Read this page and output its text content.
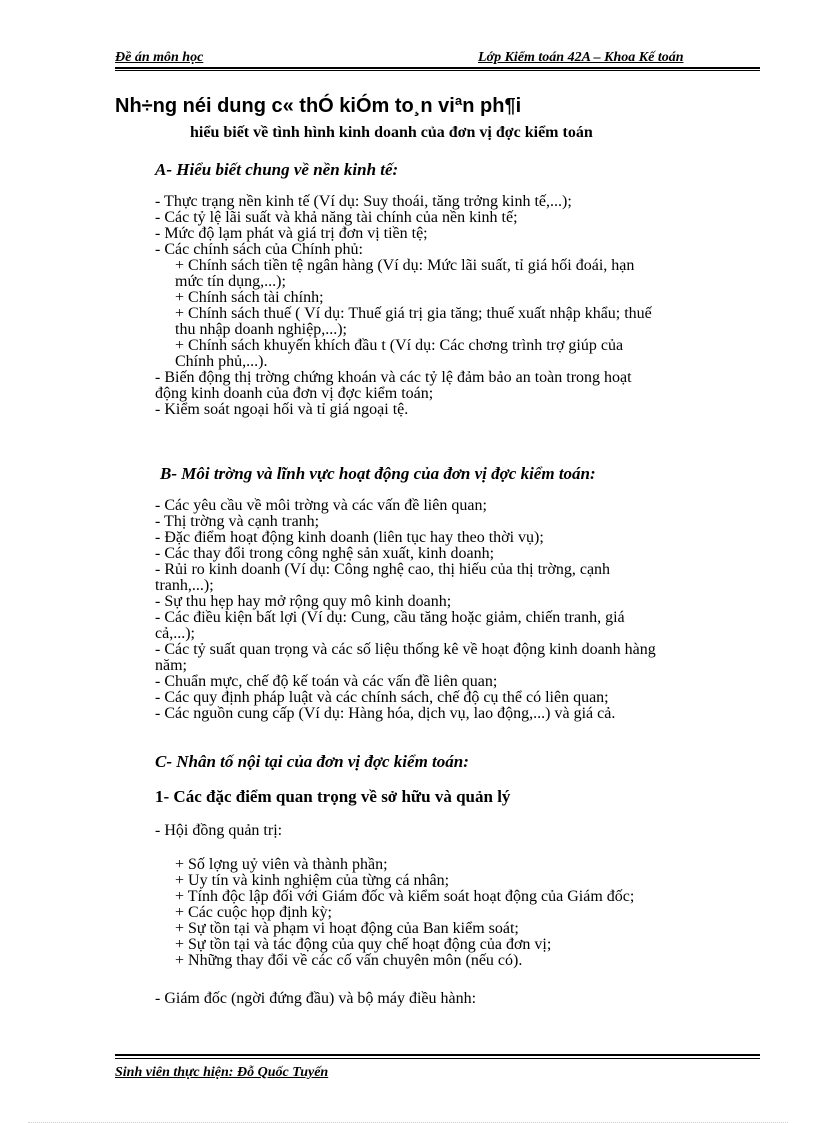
Đề án môn học	Lớp Kiểm toán 42A – Khoa Kế toán
Nh÷ng néi dung c« thÓ kiÓm to¸n viªn ph¶i
hiểu biết về tình hình kinh doanh của đơn vị đợc kiểm toán
A- Hiểu biết chung về nền kinh tế:
- Thực trạng nền kinh tế (Ví dụ: Suy thoái, tăng trởng kinh tế,...);
- Các tỷ lệ lãi suất và khả năng tài chính của nền kinh tế;
- Mức độ lạm phát và giá trị đơn vị tiền tệ;
- Các chính sách của Chính phủ:
+ Chính sách tiền tệ ngân hàng (Ví dụ: Mức lãi suất, tỉ giá hối đoái, hạn
mức tín dụng,...);
+ Chính sách tài chính;
+ Chính sách thuế ( Ví dụ: Thuế giá trị gia tăng; thuế xuất nhập khẩu; thuế
thu nhập doanh nghiệp,...);
+ Chính sách khuyến khích đầu t (Ví dụ: Các chơng trình trợ giúp của
Chính phủ,...).
- Biến động thị trờng chứng khoán và các tỷ lệ đảm bảo an toàn trong hoạt
động kinh doanh của đơn vị đợc kiểm toán;
- Kiểm soát ngoại hối và tỉ giá ngoại tệ.
B- Môi trờng và lĩnh vực hoạt động của đơn vị đợc kiểm toán:
- Các yêu cầu về môi trờng và các vấn đề liên quan;
- Thị trờng và cạnh tranh;
- Đặc điểm hoạt động kinh doanh (liên tục hay theo thời vụ);
- Các thay đổi trong công nghệ sản xuất, kinh doanh;
- Rủi ro kinh doanh (Ví dụ: Công nghệ cao, thị hiếu của thị trờng, cạnh
tranh,...);
- Sự thu hẹp hay mở rộng quy mô kinh doanh;
- Các điều kiện bất lợi (Ví dụ: Cung, cầu tăng hoặc giảm, chiến tranh, giá
cả,...);
- Các tỷ suất quan trọng và các số liệu thống kê về hoạt động kinh doanh hàng
năm;
- Chuẩn mực, chế độ kế toán và các vấn đề liên quan;
- Các quy định pháp luật và các chính sách, chế độ cụ thể có liên quan;
- Các nguồn cung cấp (Ví dụ: Hàng hóa, dịch vụ, lao động,...) và giá cả.
C- Nhân tố nội tại của đơn vị đợc kiểm toán:
1- Các đặc điểm quan trọng về sở hữu và quản lý
- Hội đồng quản trị:
+ Số lợng uỷ viên và thành phần;
+ Uy tín và kinh nghiệm của từng cá nhân;
+ Tính độc lập đối với Giám đốc và kiểm soát hoạt động của Giám đốc;
+ Các cuộc họp định kỳ;
+ Sự tồn tại và phạm vi hoạt động của Ban kiểm soát;
+ Sự tồn tại và tác động của quy chế hoạt động của đơn vị;
+ Những thay đổi về các cố vấn chuyên môn (nếu có).
- Giám đốc (ngời đứng đầu) và bộ máy điều hành:
Sinh viên thực hiện: Đỗ Quốc Tuyến
